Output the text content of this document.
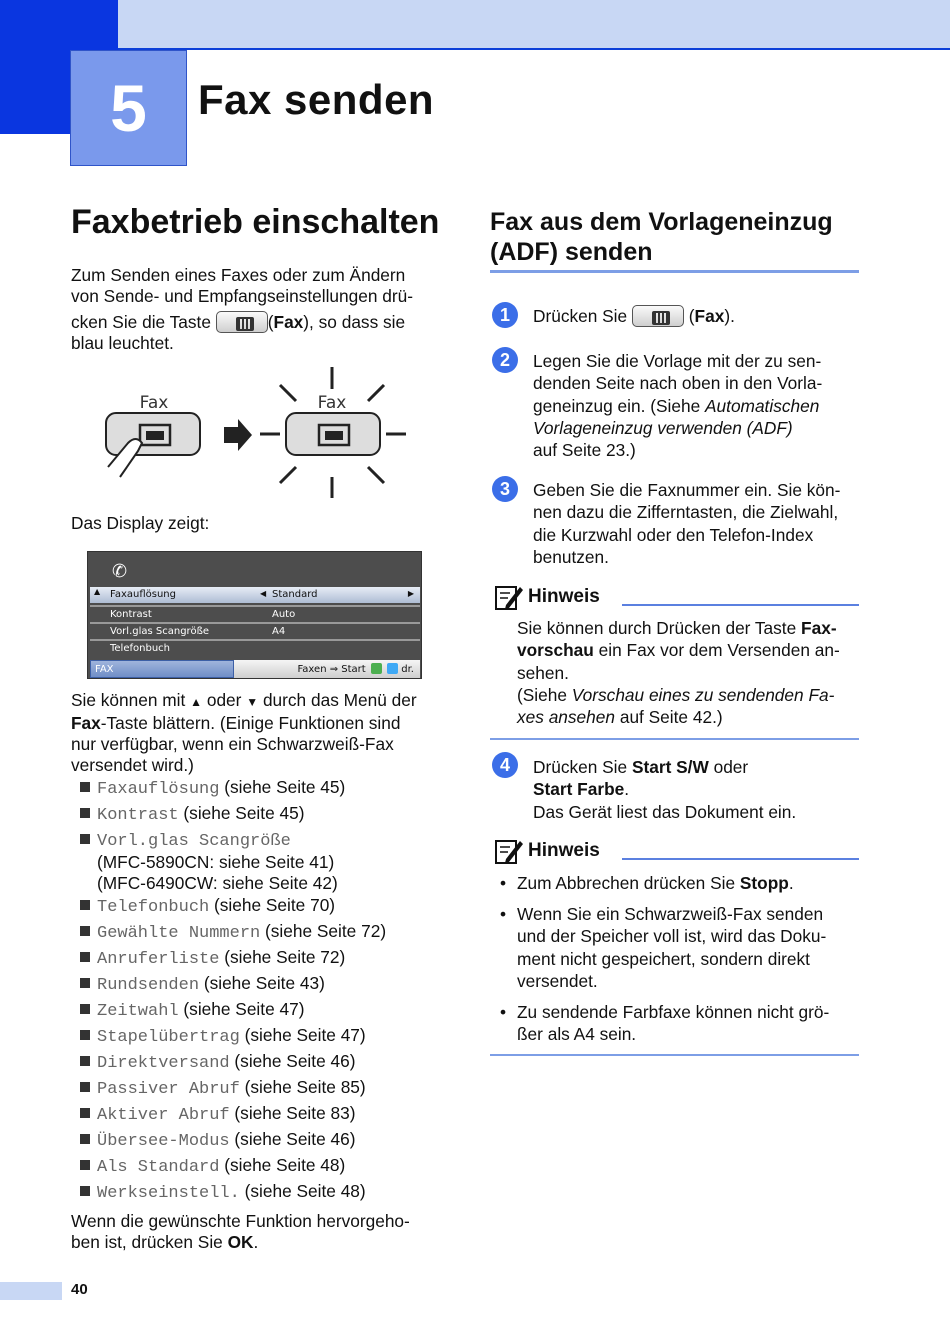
5	Fax senden
Faxbetrieb einschalten
Zum Senden eines Faxes oder zum Ändern
von Sende- und Empfangseinstellungen drü-
cken Sie die Taste	(Fax), so dass sie
blau leuchtet.
Fax	Fax
Das Display zeigt:
✆
▲ Faxauflösung	◀ Standard	▶
Kontrast	Auto
Vorl.glas Scangröße	A4
Telefonbuch
FAX	Faxen ⇒ Start	dr.
Sie können mit ▲ oder ▼ durch das Menü der
Fax-Taste blättern. (Einige Funktionen sind
nur verfügbar, wenn ein Schwarzweiß-Fax
versendet wird.)
Faxauflösung (siehe Seite 45)
Kontrast (siehe Seite 45)
Vorl.glas Scangröße
(MFC-5890CN: siehe Seite 41)
(MFC-6490CW: siehe Seite 42)
Telefonbuch (siehe Seite 70)
Gewählte Nummern (siehe Seite 72)
Anruferliste (siehe Seite 72)
Rundsenden (siehe Seite 43)
Zeitwahl (siehe Seite 47)
Stapelübertrag (siehe Seite 47)
Direktversand (siehe Seite 46)
Passiver Abruf (siehe Seite 85)
Aktiver Abruf (siehe Seite 83)
Übersee-Modus (siehe Seite 46)
Als Standard (siehe Seite 48)
Werkseinstell. (siehe Seite 48)
Wenn die gewünschte Funktion hervorgeho-
ben ist, drücken Sie OK.
Fax aus dem Vorlageneinzug
(ADF) senden
1	Drücken Sie	(Fax).
2	Legen Sie die Vorlage mit der zu sen-
denden Seite nach oben in den Vorla-
geneinzug ein. (Siehe Automatischen
Vorlageneinzug verwenden (ADF)
auf Seite 23.)
3	Geben Sie die Faxnummer ein. Sie kön-
nen dazu die Zifferntasten, die Zielwahl,
die Kurzwahl oder den Telefon-Index
benutzen.
Hinweis
Sie können durch Drücken der Taste Fax-
vorschau ein Fax vor dem Versenden an-
sehen.
(Siehe Vorschau eines zu sendenden Fa-
xes ansehen auf Seite 42.)
4	Drücken Sie Start S/W oder
Start Farbe.
Das Gerät liest das Dokument ein.
Hinweis
• Zum Abbrechen drücken Sie Stopp.
• Wenn Sie ein Schwarzweiß-Fax senden
und der Speicher voll ist, wird das Doku-
ment nicht gespeichert, sondern direkt
versendet.
• Zu sendende Farbfaxe können nicht grö-
ßer als A4 sein.
40
